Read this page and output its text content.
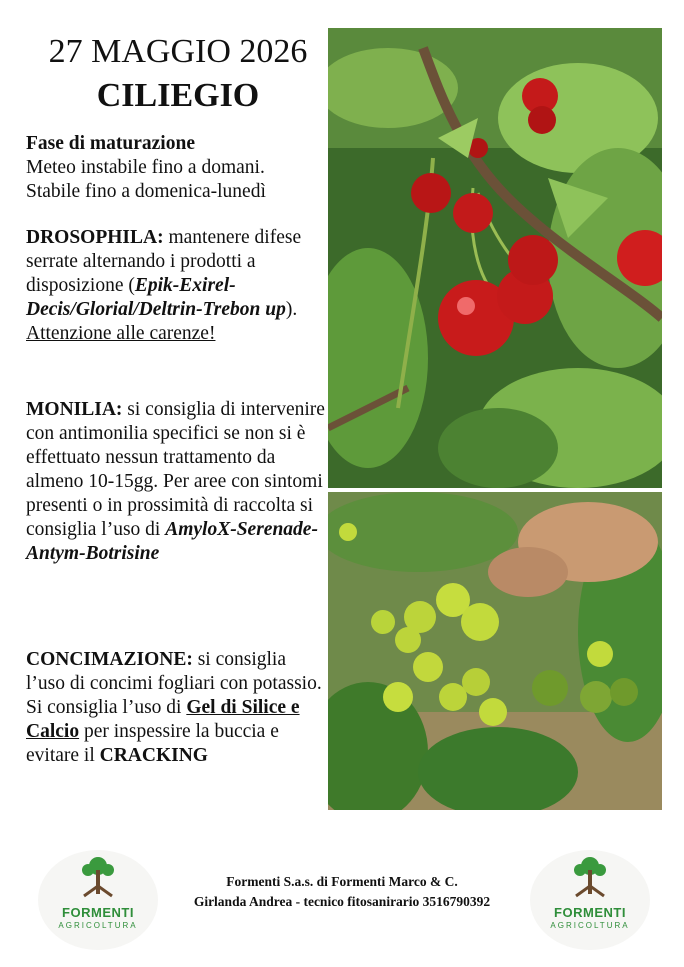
27 MAGGIO 2026
CILIEGIO
Fase di maturazione
Meteo instabile fino a domani.
Stabile fino a domenica-lunedì
DROSOPHILA: mantenere difese serrate alternando i prodotti a disposizione (Epik-Exirel-Decis/Glorial/Deltrin-Trebon up). Attenzione alle carenze!
MONILIA: si consiglia di intervenire con antimonilia specifici se non si è effettuato nessun trattamento da almeno 10-15gg. Per aree con sintomi presenti o in prossimità di raccolta si consiglia l’uso di AmyloX-Serenade-Antym-Botrisine
CONCIMAZIONE: si consiglia l’uso di concimi fogliari con potassio. Si consiglia l’uso di Gel di Silice e Calcio per inspessire la buccia e evitare il CRACKING
FORMENTI
AGRICOLTURA
Formenti S.a.s. di Formenti Marco & C.
Girlanda Andrea - tecnico fitosanirario 3516790392
FORMENTI
AGRICOLTURA
